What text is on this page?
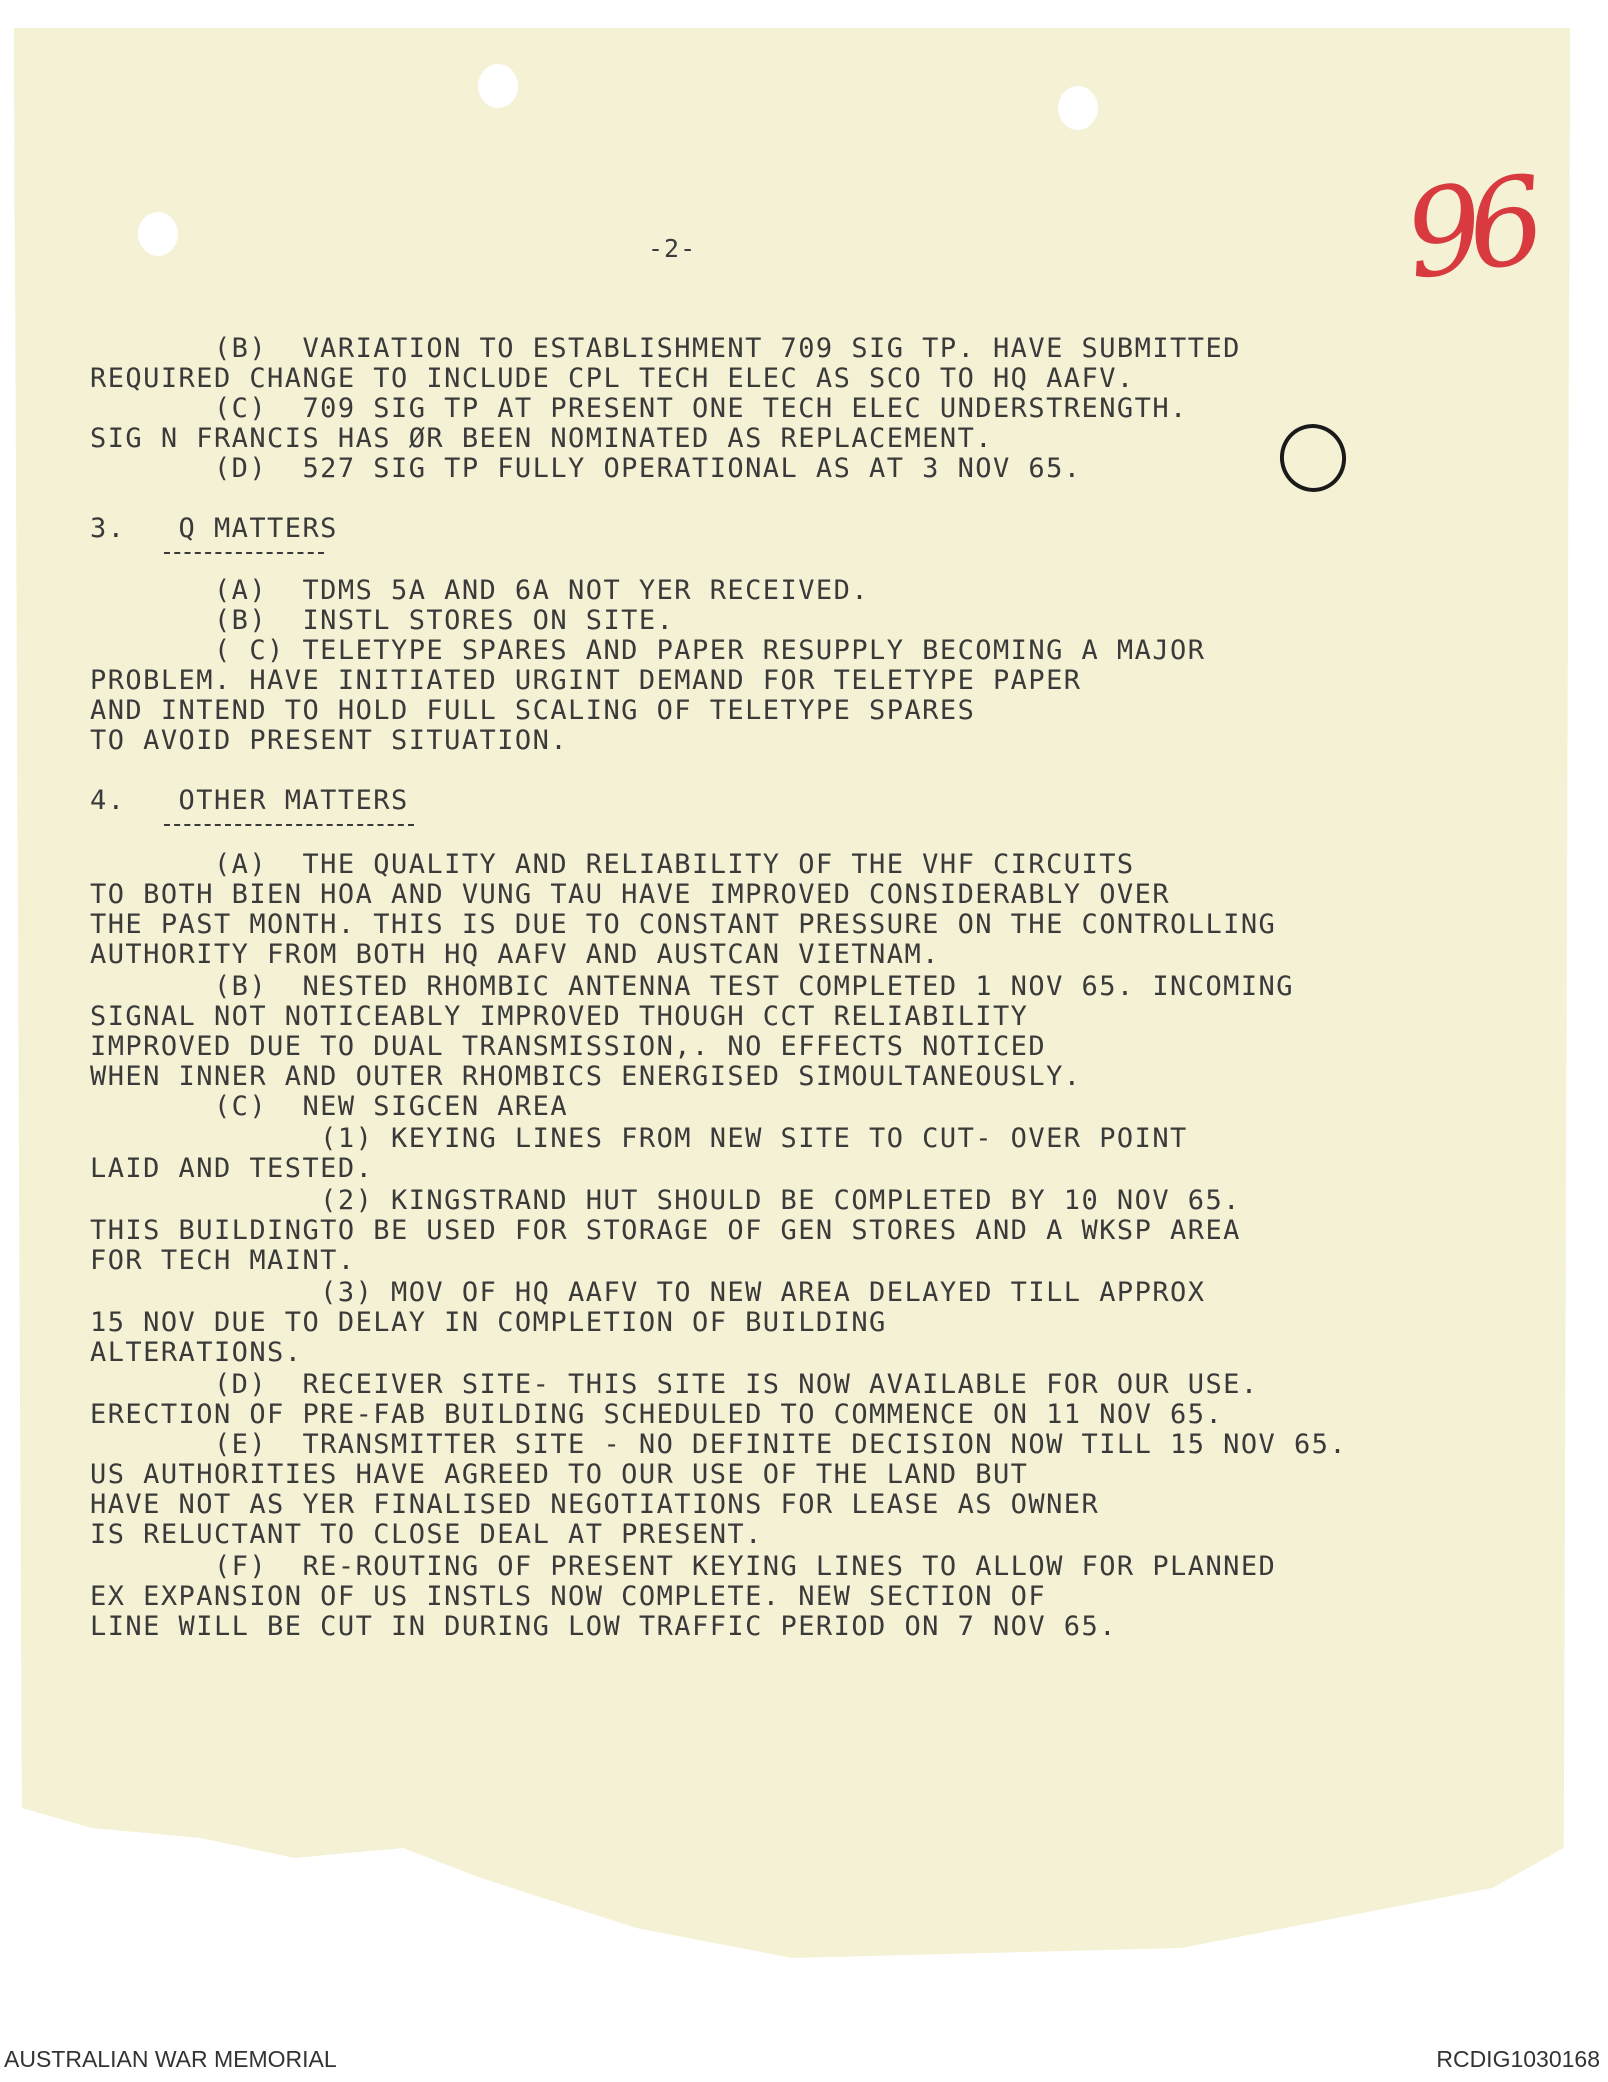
-2-	96
(B)  VARIATION TO ESTABLISHMENT 709 SIG TP. HAVE SUBMITTED
REQUIRED CHANGE TO INCLUDE CPL TECH ELEC AS SCO TO HQ AAFV.
(C)  709 SIG TP AT PRESENT ONE TECH ELEC UNDERSTRENGTH.
SIG N FRANCIS HAS ØR BEEN NOMINATED AS REPLACEMENT.
(D)  527 SIG TP FULLY OPERATIONAL AS AT 3 NOV 65.
3.   Q MATTERS
(A)  TDMS 5A AND 6A NOT YER RECEIVED.
(B)  INSTL STORES ON SITE.
( C) TELETYPE SPARES AND PAPER RESUPPLY BECOMING A MAJOR
PROBLEM. HAVE INITIATED URGINT DEMAND FOR TELETYPE PAPER
AND INTEND TO HOLD FULL SCALING OF TELETYPE SPARES
TO AVOID PRESENT SITUATION.
4.   OTHER MATTERS
(A)  THE QUALITY AND RELIABILITY OF THE VHF CIRCUITS
TO BOTH BIEN HOA AND VUNG TAU HAVE IMPROVED CONSIDERABLY OVER
THE PAST MONTH. THIS IS DUE TO CONSTANT PRESSURE ON THE CONTROLLING
AUTHORITY FROM BOTH HQ AAFV AND AUSTCAN VIETNAM.
(B)  NESTED RHOMBIC ANTENNA TEST COMPLETED 1 NOV 65. INCOMING
SIGNAL NOT NOTICEABLY IMPROVED THOUGH CCT RELIABILITY
IMPROVED DUE TO DUAL TRANSMISSION,. NO EFFECTS NOTICED
WHEN INNER AND OUTER RHOMBICS ENERGISED SIMOULTANEOUSLY.
(C)  NEW SIGCEN AREA
(1) KEYING LINES FROM NEW SITE TO CUT- OVER POINT
LAID AND TESTED.
(2) KINGSTRAND HUT SHOULD BE COMPLETED BY 10 NOV 65.
THIS BUILDINGTO BE USED FOR STORAGE OF GEN STORES AND A WKSP AREA
FOR TECH MAINT.
(3) MOV OF HQ AAFV TO NEW AREA DELAYED TILL APPROX
15 NOV DUE TO DELAY IN COMPLETION OF BUILDING
ALTERATIONS.
(D)  RECEIVER SITE- THIS SITE IS NOW AVAILABLE FOR OUR USE.
ERECTION OF PRE-FAB BUILDING SCHEDULED TO COMMENCE ON 11 NOV 65.
(E)  TRANSMITTER SITE - NO DEFINITE DECISION NOW TILL 15 NOV 65.
US AUTHORITIES HAVE AGREED TO OUR USE OF THE LAND BUT
HAVE NOT AS YER FINALISED NEGOTIATIONS FOR LEASE AS OWNER
IS RELUCTANT TO CLOSE DEAL AT PRESENT.
(F)  RE-ROUTING OF PRESENT KEYING LINES TO ALLOW FOR PLANNED
EX EXPANSION OF US INSTLS NOW COMPLETE. NEW SECTION OF
LINE WILL BE CUT IN DURING LOW TRAFFIC PERIOD ON 7 NOV 65.
AUSTRALIAN WAR MEMORIAL	RCDIG1030168
